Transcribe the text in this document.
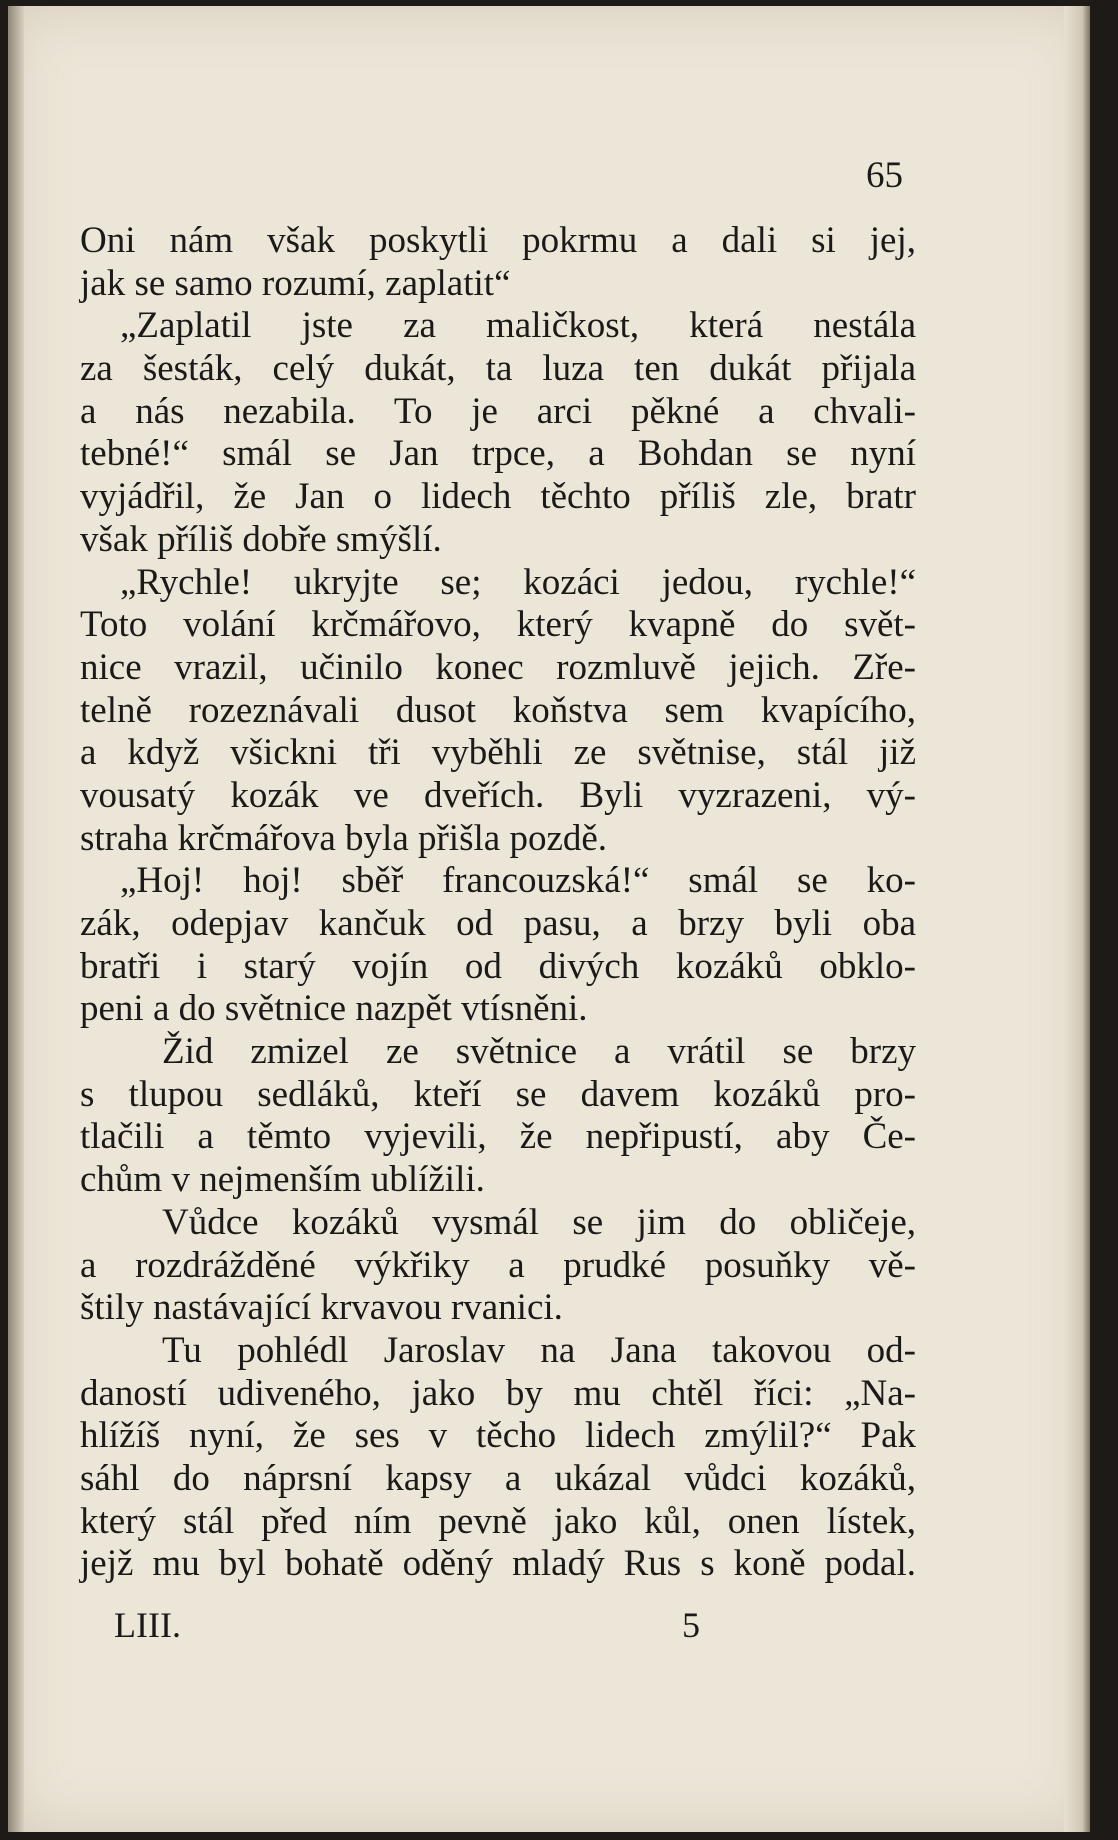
65
Oni nám však poskytli pokrmu a dali si jej,
jak se samo rozumí, zaplatit“
„Zaplatil jste za maličkost, která nestála
za šesták, celý dukát, ta luza ten dukát přijala
a nás nezabila. To je arci pěkné a chvali-
tebné!“ smál se Jan trpce, a Bohdan se nyní
vyjádřil, že Jan o lidech těchto příliš zle, bratr
však příliš dobře smýšlí.
„Rychle! ukryjte se; kozáci jedou, rychle!“
Toto volání krčmářovo, který kvapně do svět-
nice vrazil, učinilo konec rozmluvě jejich. Zře-
telně rozeznávali dusot koňstva sem kvapícího,
a když všickni tři vyběhli ze světnise, stál již
vousatý kozák ve dveřích. Byli vyzrazeni, vý-
straha krčmářova byla přišla pozdě.
„Hoj! hoj! sběř francouzská!“ smál se ko-
zák, odepjav kančuk od pasu, a brzy byli oba
bratři i starý vojín od divých kozáků obklo-
peni a do světnice nazpět vtísněni.
Žid zmizel ze světnice a vrátil se brzy
s tlupou sedláků, kteří se davem kozáků pro-
tlačili a těmto vyjevili, že nepřipustí, aby Če-
chům v nejmenším ublížili.
Vůdce kozáků vysmál se jim do obličeje,
a rozdrážděné výkřiky a prudké posuňky vě-
štily nastávající krvavou rvanici.
Tu pohlédl Jaroslav na Jana takovou od-
daností udiveného, jako by mu chtěl říci: „Na-
hlížíš nyní, že ses v těcho lidech zmýlil?“ Pak
sáhl do náprsní kapsy a ukázal vůdci kozáků,
který stál před ním pevně jako kůl, onen lístek,
jejž mu byl bohatě oděný mladý Rus s koně podal.
LIII.	5
